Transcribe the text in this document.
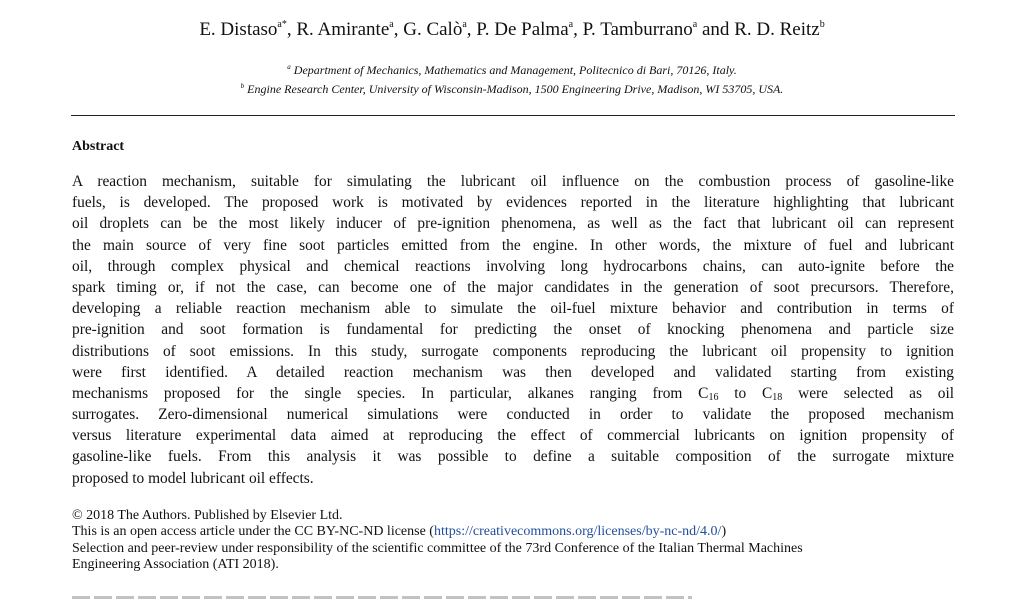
E. Distaso$^{a*}$, R. Amirante$^a$, G. Calò$^a$, P. De Palma$^a$, P. Tamburrano$^a$ and R. D. Reitz$^b$
$^a$ Department of Mechanics, Mathematics and Management, Politecnico di Bari, 70126, Italy.
$^b$ Engine Research Center, University of Wisconsin-Madison, 1500 Engineering Drive, Madison, WI 53705, USA.
Abstract
A reaction mechanism, suitable for simulating the lubricant oil influence on the combustion process of gasoline-like
fuels, is developed. The proposed work is motivated by evidences reported in the literature highlighting that lubricant
oil droplets can be the most likely inducer of pre-ignition phenomena, as well as the fact that lubricant oil can represent
the main source of very fine soot particles emitted from the engine. In other words, the mixture of fuel and lubricant
oil, through complex physical and chemical reactions involving long hydrocarbons chains, can auto-ignite before the
spark timing or, if not the case, can become one of the major candidates in the generation of soot precursors. Therefore,
developing a reliable reaction mechanism able to simulate the oil-fuel mixture behavior and contribution in terms of
pre-ignition and soot formation is fundamental for predicting the onset of knocking phenomena and particle size
distributions of soot emissions. In this study, surrogate components reproducing the lubricant oil propensity to ignition
were first identified. A detailed reaction mechanism was then developed and validated starting from existing
mechanisms proposed for the single species. In particular, alkanes ranging from $C_{16}$ to $C_{18}$ were selected as oil
surrogates. Zero-dimensional numerical simulations were conducted in order to validate the proposed mechanism
versus literature experimental data aimed at reproducing the effect of commercial lubricants on ignition propensity of
gasoline-like fuels. From this analysis it was possible to define a suitable composition of the surrogate mixture
proposed to model lubricant oil effects.
© 2018 The Authors. Published by Elsevier Ltd.
This is an open access article under the CC BY-NC-ND license (https://creativecommons.org/licenses/by-nc-nd/4.0/)
Selection and peer-review under responsibility of the scientific committee of the 73rd Conference of the Italian Thermal Machines
Engineering Association (ATI 2018).
